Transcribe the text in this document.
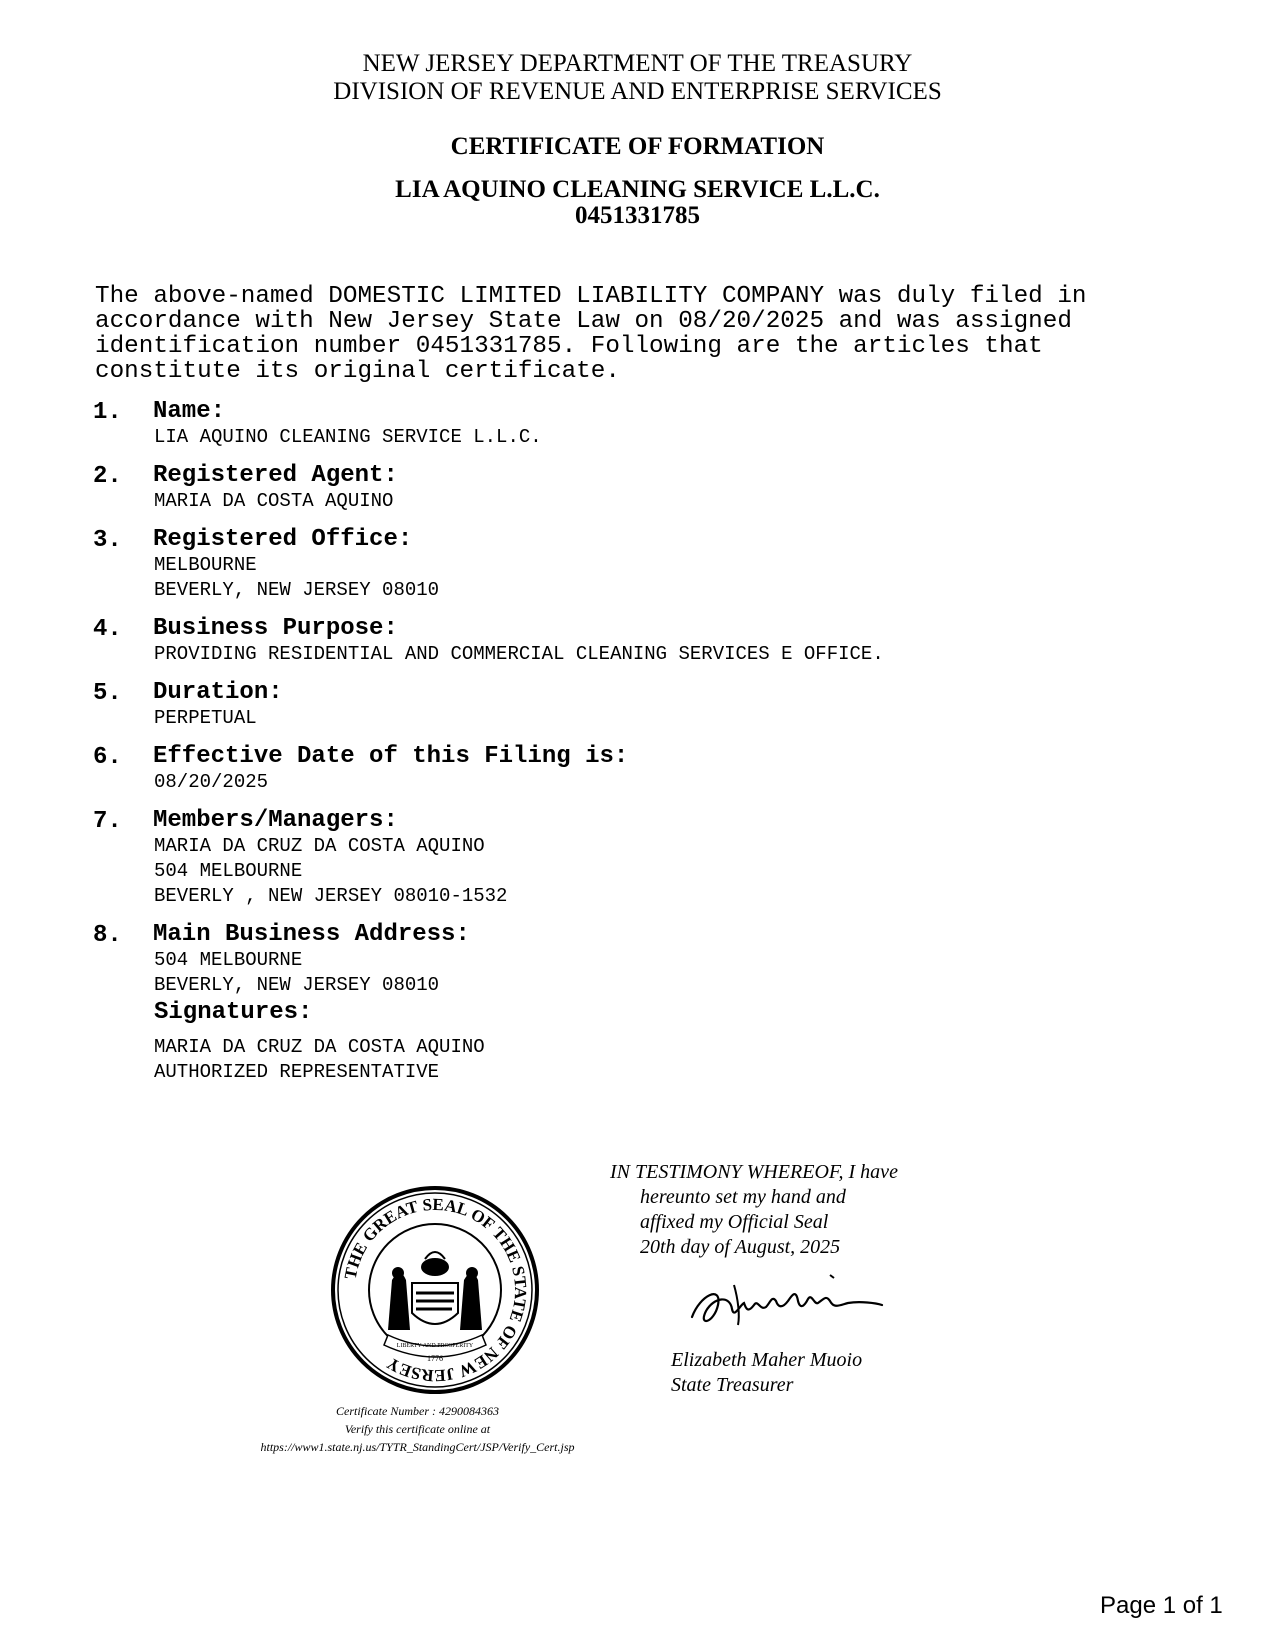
NEW JERSEY DEPARTMENT OF THE TREASURY
DIVISION OF REVENUE AND ENTERPRISE SERVICES
CERTIFICATE OF FORMATION
LIA AQUINO CLEANING SERVICE L.L.C.
0451331785

The above-named DOMESTIC LIMITED LIABILITY COMPANY was duly filed in
accordance with New Jersey State Law on 08/20/2025 and was assigned
identification number 0451331785. Following are the articles that
constitute its original certificate.

1. Name:
LIA AQUINO CLEANING SERVICE L.L.C.
2. Registered Agent:
MARIA DA COSTA AQUINO
3. Registered Office:
MELBOURNE
BEVERLY, NEW JERSEY 08010
4. Business Purpose:
PROVIDING RESIDENTIAL AND COMMERCIAL CLEANING SERVICES E OFFICE.
5. Duration:
PERPETUAL
6. Effective Date of this Filing is:
08/20/2025
7. Members/Managers:
MARIA DA CRUZ DA COSTA AQUINO
504 MELBOURNE
BEVERLY , NEW JERSEY 08010-1532
8. Main Business Address:
504 MELBOURNE
BEVERLY, NEW JERSEY 08010
Signatures:
MARIA DA CRUZ DA COSTA AQUINO
AUTHORIZED REPRESENTATIVE
THE GREAT SEAL OF THE STATE OF NEW JERSEY
LIBERTY AND PROSPERITY
1776
Certificate Number : 4290084363
Verify this certificate online at
https://www1.state.nj.us/TYTR_StandingCert/JSP/Verify_Cert.jsp
IN TESTIMONY WHEREOF, I have
hereunto set my hand and
affixed my Official Seal
20th day of August, 2025
Elizabeth Maher Muoio
State Treasurer
Page 1 of 1
